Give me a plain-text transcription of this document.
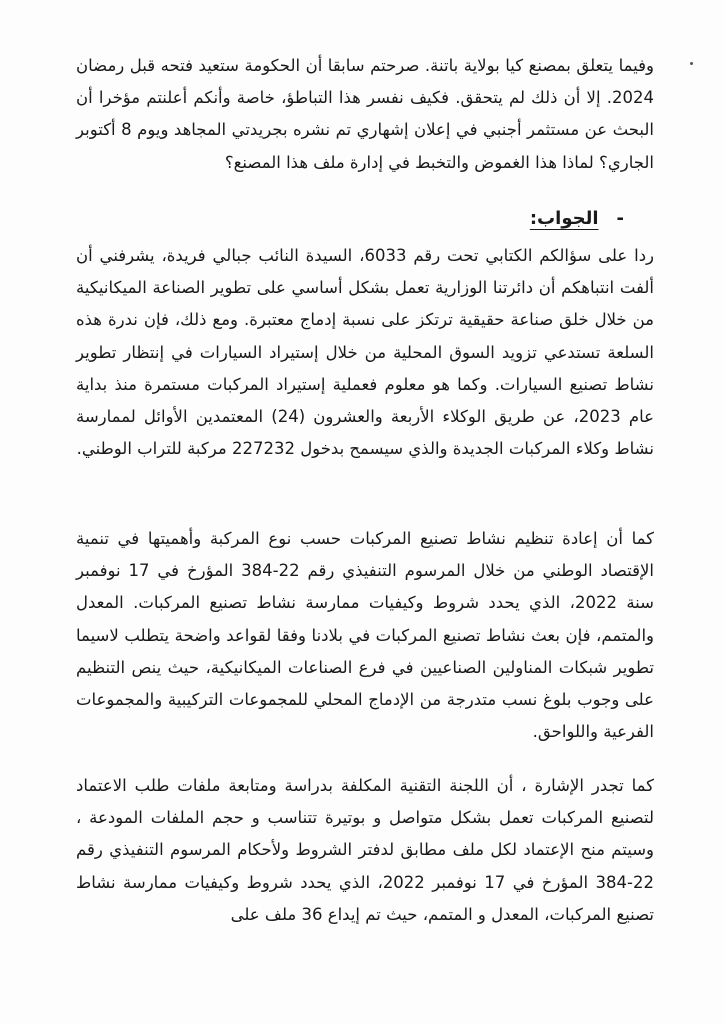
وفيما يتعلق بمصنع كيا بولاية باتنة. صرحتم سابقا أن الحكومة ستعيد فتحه قبل رمضان 2024. إلا أن ذلك لم يتحقق. فكيف نفسر هذا التباطؤ، خاصة وأنكم أعلنتم مؤخرا أن البحث عن مستثمر أجنبي في إعلان إشهاري تم نشره بجريدتي المجاهد ويوم 8 أكتوبر الجاري؟ لماذا هذا الغموض والتخبط في إدارة ملف هذا المصنع؟
-الجواب:
ردا على سؤالكم الكتابي تحت رقم 6033، السيدة النائب جبالي فريدة، يشرفني أن ألفت انتباهكم أن دائرتنا الوزارية تعمل بشكل أساسي على تطوير الصناعة الميكانيكية من خلال خلق صناعة حقيقية ترتكز على نسبة إدماج معتبرة. ومع ذلك، فإن ندرة هذه السلعة تستدعي تزويد السوق المحلية من خلال إستيراد السيارات في إنتظار تطوير نشاط تصنيع السيارات. وكما هو معلوم فعملية إستيراد المركبات مستمرة منذ بداية عام 2023، عن طريق الوكلاء الأربعة والعشرون (24) المعتمدين الأوائل لممارسة نشاط وكلاء المركبات الجديدة والذي سيسمح بدخول 227232 مركبة للتراب الوطني.
كما أن إعادة تنظيم نشاط تصنيع المركبات حسب نوع المركبة وأهميتها في تنمية الإقتصاد الوطني من خلال المرسوم التنفيذي رقم 22-384 المؤرخ في 17 نوفمبر سنة 2022، الذي يحدد شروط وكيفيات ممارسة نشاط تصنيع المركبات. المعدل والمتمم، فإن بعث نشاط تصنيع المركبات في بلادنا وفقا لقواعد واضحة يتطلب لاسيما تطوير شبكات المناولين الصناعيين في فرع الصناعات الميكانيكية، حيث ينص التنظيم على وجوب بلوغ نسب متدرجة من الإدماج المحلي للمجموعات التركيبية والمجموعات الفرعية واللواحق.
كما تجدر الإشارة ، أن اللجنة التقنية المكلفة بدراسة ومتابعة ملفات طلب الاعتماد لتصنيع المركبات تعمل بشكل متواصل و بوتيرة تتناسب و حجم الملفات المودعة ، وسيتم منح الإعتماد لكل ملف مطابق لدفتر الشروط ولأحكام المرسوم التنفيذي رقم 22-384 المؤرخ في 17 نوفمبر 2022، الذي يحدد شروط وكيفيات ممارسة نشاط تصنيع المركبات، المعدل و المتمم، حيث تم إيداع 36 ملف على
